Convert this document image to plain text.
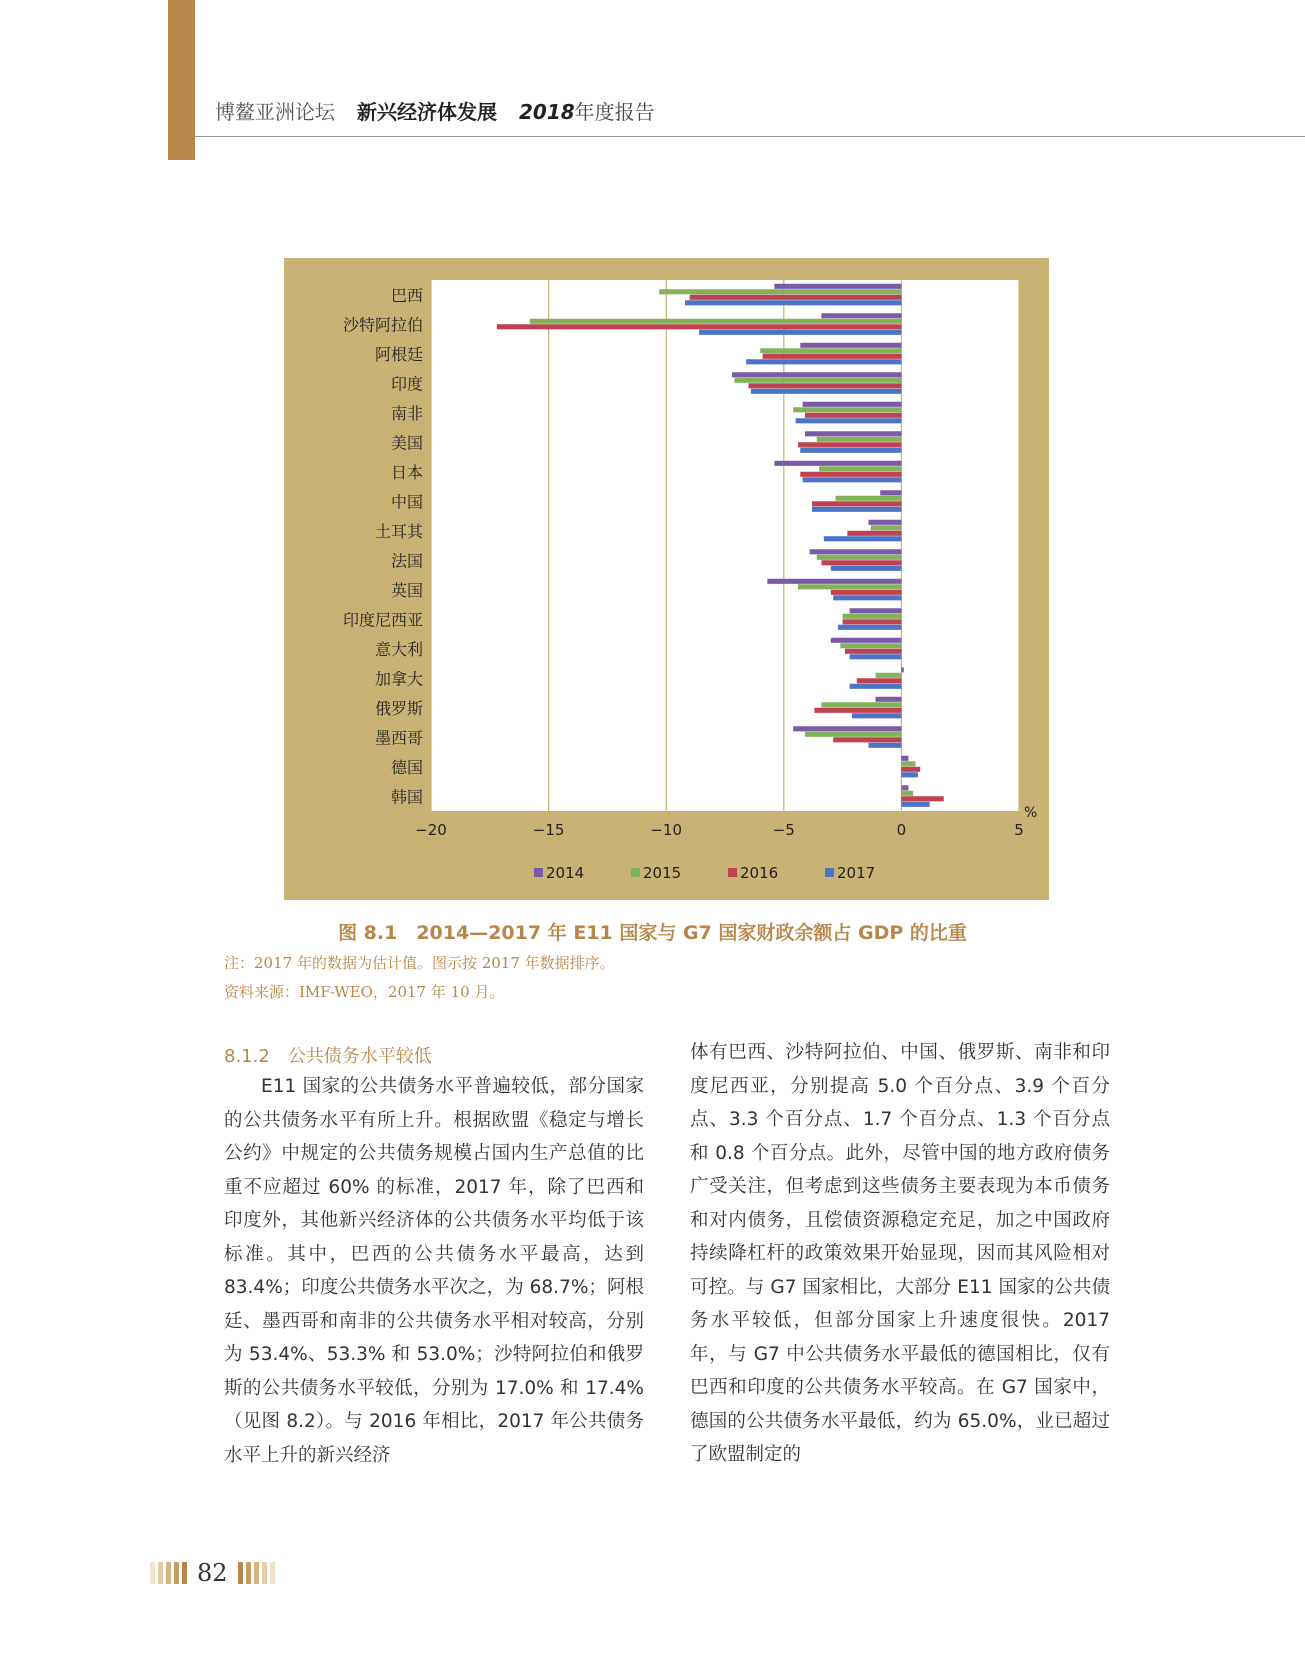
博鳌亚洲论坛 新兴经济体发展 2018年度报告
巴西
沙特阿拉伯
阿根廷
印度
南非
美国
日本
中国
土耳其
法国
英国
印度尼西亚
意大利
加拿大
俄罗斯
墨西哥
德国
韩国
−20	−15	−10	−5	0	5
%
2014	2015	2016	2017
图 8.1　2014—2017 年 E11 国家与 G7 国家财政余额占 GDP 的比重
注：2017 年的数据为估计值。图示按 2017 年数据排序。
资料来源：IMF-WEO，2017 年 10 月。
8.1.2　公共债务水平较低

E11 国家的公共债务水平普遍较低，部分国家的公共债务水平有所上升。根据欧盟《稳定与增长公约》中规定的公共债务规模占国内生产总值的比重不应超过 60% 的标准，2017 年，除了巴西和印度外，其他新兴经济体的公共债务水平均低于该标准。其中，巴西的公共债务水平最高，达到 83.4%；印度公共债务水平次之，为 68.7%；阿根廷、墨西哥和南非的公共债务水平相对较高，分别为 53.4%、53.3% 和 53.0%；沙特阿拉伯和俄罗斯的公共债务水平较低，分别为 17.0% 和 17.4%（见图 8.2）。与 2016 年相比，2017 年公共债务水平上升的新兴经济

体有巴西、沙特阿拉伯、中国、俄罗斯、南非和印度尼西亚，分别提高 5.0 个百分点、3.9 个百分点、3.3 个百分点、1.7 个百分点、1.3 个百分点和 0.8 个百分点。此外，尽管中国的地方政府债务广受关注，但考虑到这些债务主要表现为本币债务和对内债务，且偿债资源稳定充足，加之中国政府持续降杠杆的政策效果开始显现，因而其风险相对可控。与 G7 国家相比，大部分 E11 国家的公共债务水平较低，但部分国家上升速度很快。2017 年，与 G7 中公共债务水平最低的德国相比，仅有巴西和印度的公共债务水平较高。在 G7 国家中，德国的公共债务水平最低，约为 65.0%，业已超过了欧盟制定的

82
